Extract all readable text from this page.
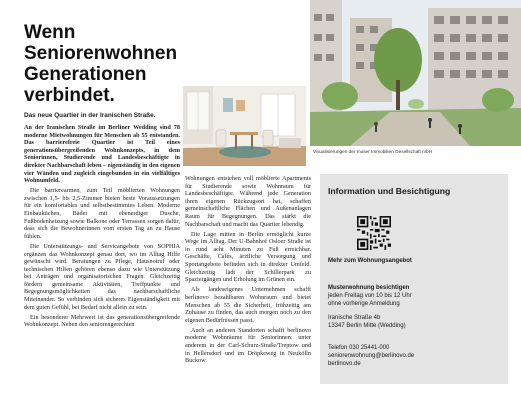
Wenn
Seniorenwohnen
Generationen
verbindet.
Das neue Quartier in der Iranischen Straße.
Visualisierungen der moser Immobilien Gesellschaft mbH

An der Iranischen Straße im Berliner Wedding sind 78 moderne Mietwohnungen für Menschen ab 55 entstanden. Das barrierefreie Quartier ist Teil eines generationsübergreifenden Wohnkonzepts, in dem Seniorinnen, Studierende und Landesbeschäftigte in direkter Nachbarschaft leben – eigenständig in den eigenen vier Wänden und zugleich eingebunden in ein vielfältiges Wohnumfeld.

Die barrierearmen, zum Teil möblierten Wohnungen zwischen 1,5- bis 2,5-Zimmer bieten beste Voraussetzungen für ein komfortables und selbstbestimmtes Leben. Moderne Einbauküchen, Bäder mit ebenerdiger Dusche, Fußbodenheizung sowie Balkone oder Terrassen sorgen dafür, dass sich die Bewohnerinnen vom ersten Tag an zu Hause fühlen.

Die Unterstützungs- und Servicangebote von SOPHIA ergänzen das Wohnkonzept genau dort, wo im Alltag Hilfe gewünscht wird. Beratungen zu Pflege, Hausnotruf oder technischen Hilfen gehören ebenso dazu wie Unterstützung bei Anträgen und organisatorischen Fragen. Gleichzeitig fördern gemeinsame Aktivitäten, Treffpunkte und Begegnungsmöglichkeiten das nachbarschaftliche Miteinander. So verbinden sich sicheres Eigenständigkeit mit dem guten Gefühl, bei Bedarf nicht allein zu sein.

Ein besonderer Mehrwert ist das generationsübergreifende Wohnkonzept. Neben den seniorengerechten

Wohnungen entstehen voll möblierte Apartments für Studierende sowie Wohnraum für Landesbeschäftigte. Während jede Generation ihren eigenen Rückzugsort hat, schaffen gemeinschaftliche Flächen und Außenanlagen Raum für Begegnungen. Das stärkt die Nachbarschaft und macht das Quartier lebendig.

Die Lage mitten in Berlin ermöglicht kurze Wege im Alltag. Der U-Bahnhof Osloer Straße ist in rund acht Minuten zu Fuß erreichbar. Geschäfte, Cafés, ärztliche Versorgung und Sportangebote befinden sich in direkter Umfeld. Gleichzeitig lädt der Schillerpark zu Spaziergängen und Erholung im Grünen ein.

Als landeseigenes Unternehmen schafft berlinovo bezahlbaren Wohnraum und bietet Menschen ab 55 die Sicherheit, frühzeitig am Zuhause zu finden, das auch morgen noch zu den eigenen Bedürfnissen passt.

Auch an anderen Standorten schafft berlinovo moderne Wohnräume für Seniorinnen: unter anderem in der Carl-Schurz-Straße/Treptow und in Hellersdorf und im Dröpkeweg in Neukölln Buckow.

Information und Besichtigung
Mehr zum Wohnungsangebot
Musterwohnung besichtigen
jeden Freitag von 10 bis 12 Uhr
ohne vorherige Anmeldung
Iranische Straße 4b
13347 Berlin Mitte (Wedding)
Telefon 030 25441-000
seniorenwohnung@berlinovo.de
berlinovo.de
